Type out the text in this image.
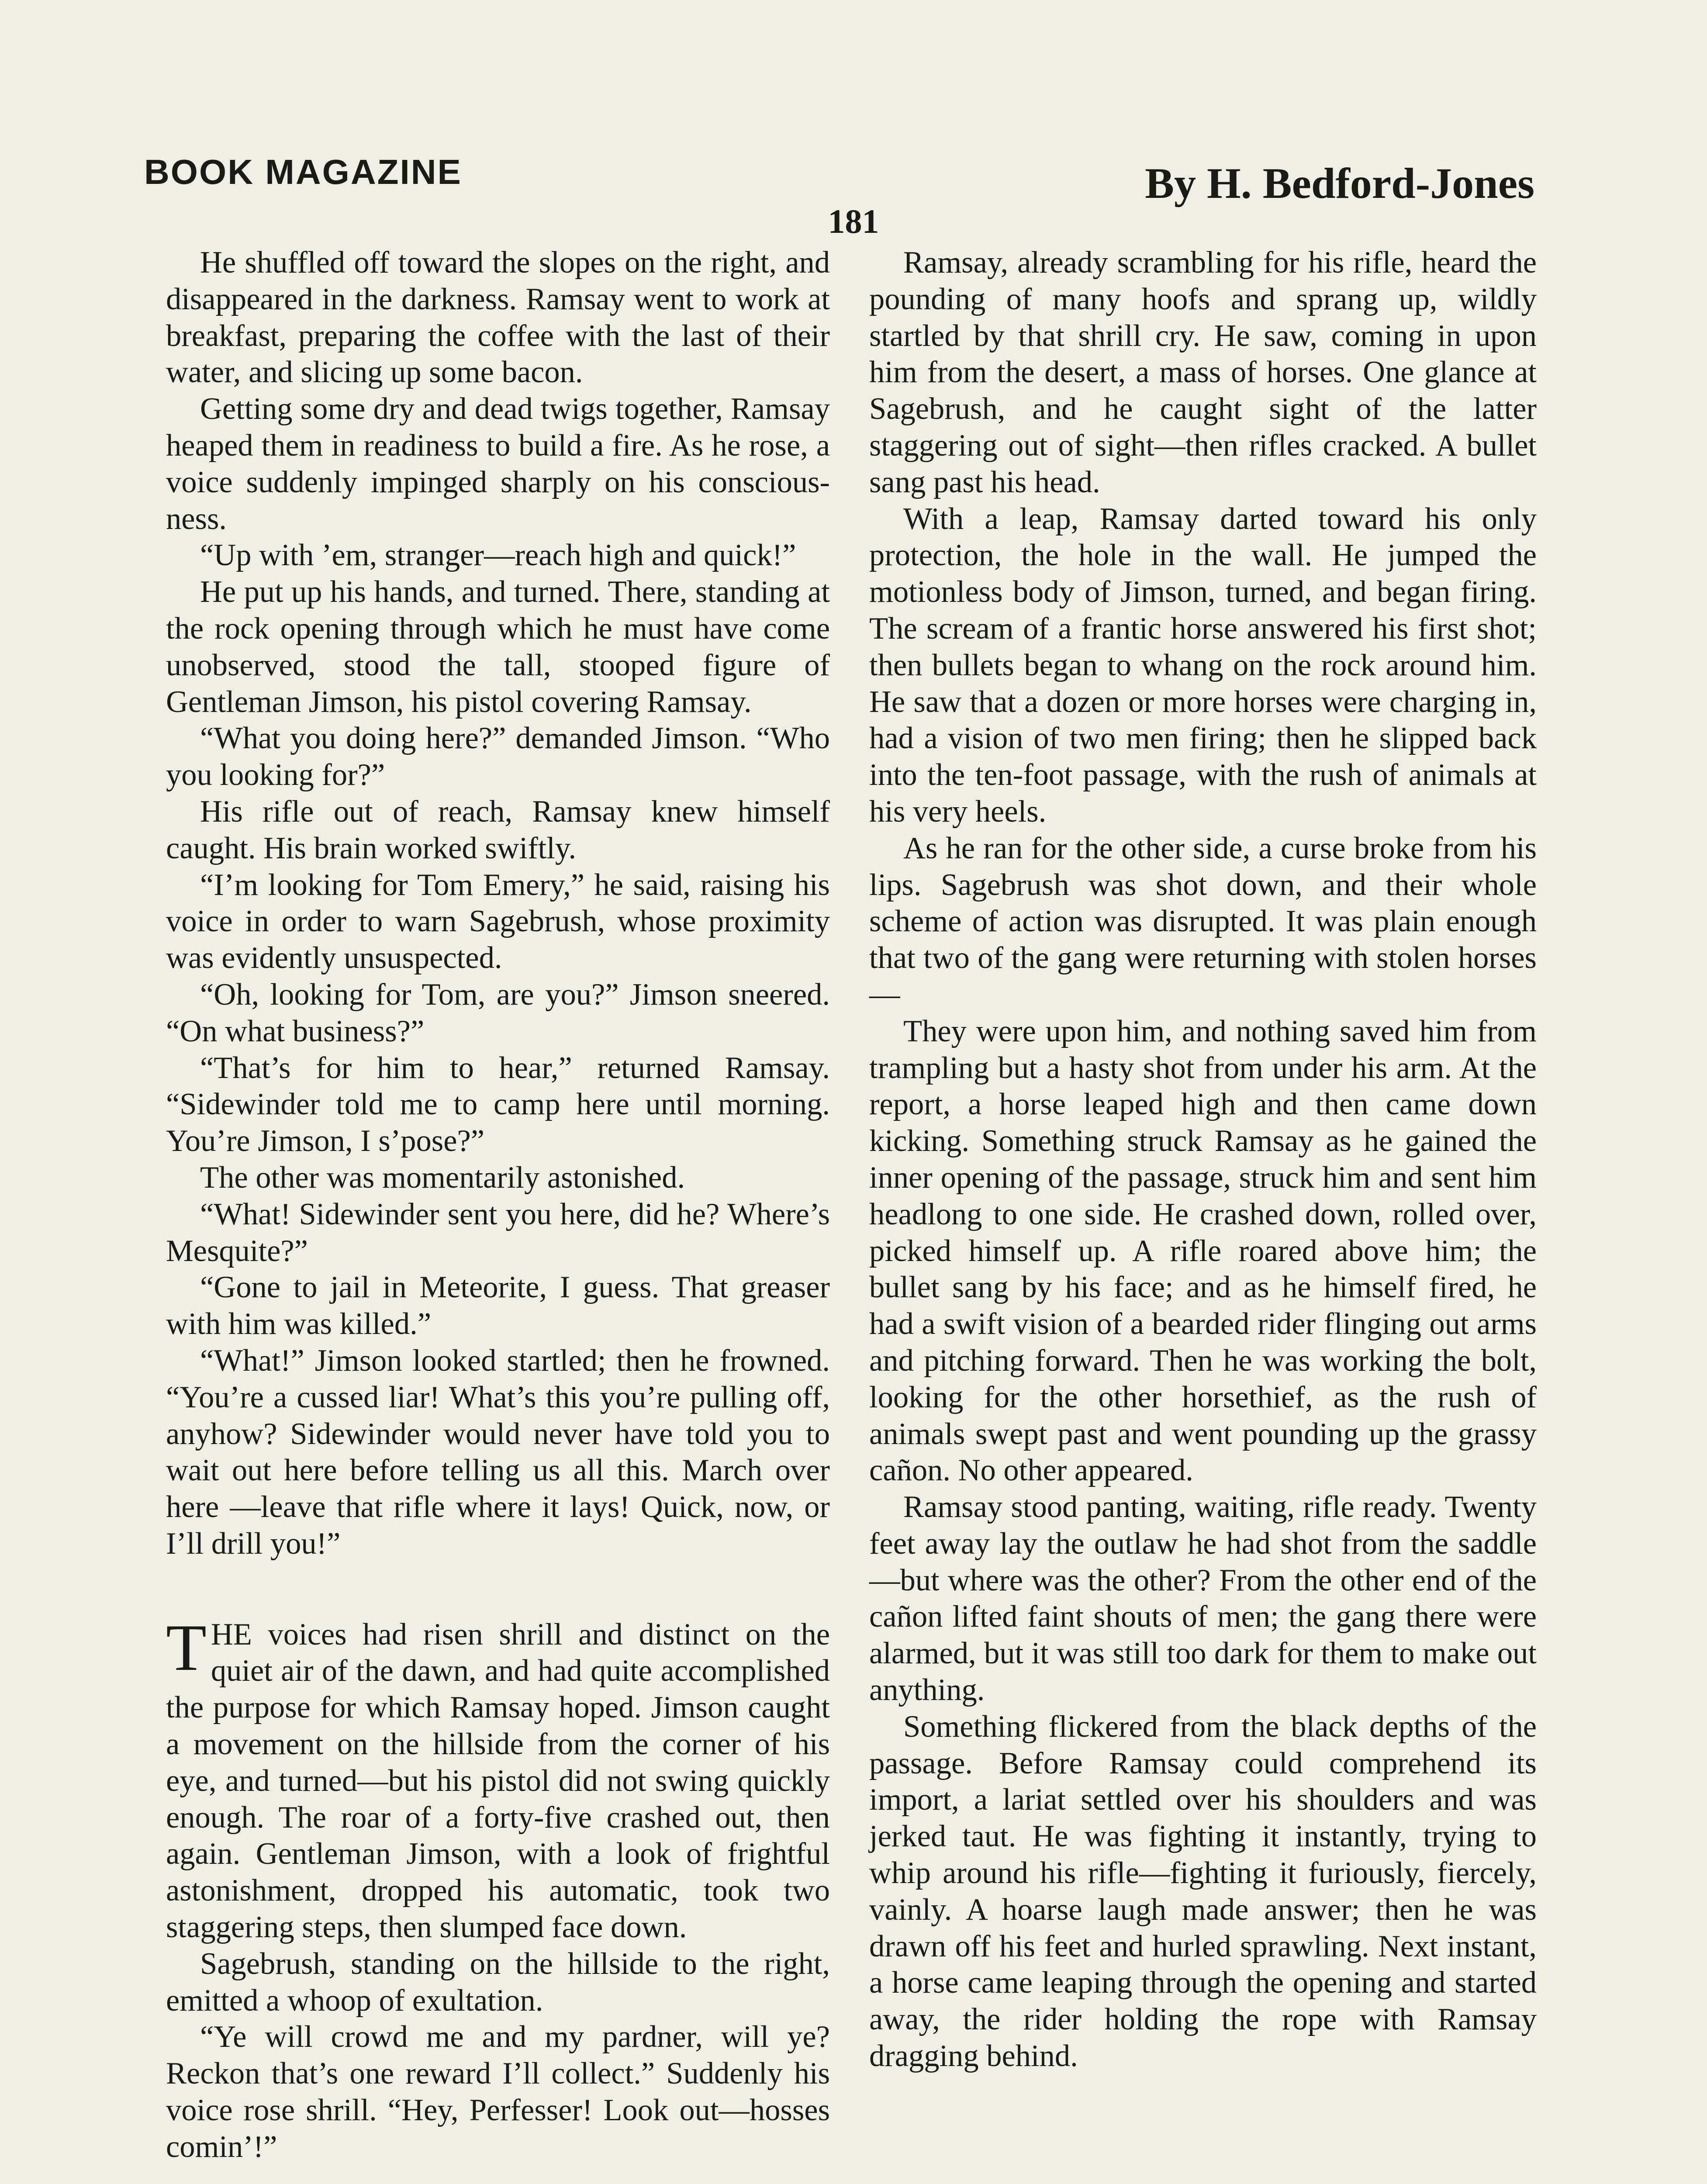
BOOK MAGAZINE	By H. Bedford-Jones
181

He shuffled off toward the slopes on the right, and disappeared in the darkness. Ramsay went to work at breakfast, preparing the coffee with the last of their water, and slicing up some bacon.

Getting some dry and dead twigs together, Ramsay heaped them in readiness to build a fire. As he rose, a voice suddenly impinged sharply on his consciousness.

“Up with ’em, stranger—reach high and quick!”

He put up his hands, and turned. There, standing at the rock opening through which he must have come unobserved, stood the tall, stooped figure of Gentleman Jimson, his pistol covering Ramsay.

“What you doing here?” demanded Jimson. “Who you looking for?”

His rifle out of reach, Ramsay knew himself caught. His brain worked swiftly.

“I’m looking for Tom Emery,” he said, raising his voice in order to warn Sagebrush, whose proximity was evidently unsuspected.

“Oh, looking for Tom, are you?” Jimson sneered. “On what business?”

“That’s for him to hear,” returned Ramsay. “Sidewinder told me to camp here until morning. You’re Jimson, I s’pose?”

The other was momentarily astonished.

“What! Sidewinder sent you here, did he? Where’s Mesquite?”

“Gone to jail in Meteorite, I guess. That greaser with him was killed.”

“What!” Jimson looked startled; then he frowned. “You’re a cussed liar! What’s this you’re pulling off, anyhow? Sidewinder would never have told you to wait out here before telling us all this. March over here —leave that rifle where it lays! Quick, now, or I’ll drill you!”

THE voices had risen shrill and distinct on the quiet air of the dawn, and had quite accomplished the purpose for which Ramsay hoped. Jimson caught a movement on the hillside from the corner of his eye, and turned—but his pistol did not swing quickly enough. The roar of a forty-five crashed out, then again. Gentleman Jimson, with a look of frightful astonishment, dropped his automatic, took two staggering steps, then slumped face down.

Sagebrush, standing on the hillside to the right, emitted a whoop of exultation.

“Ye will crowd me and my pardner, will ye? Reckon that’s one reward I’ll collect.” Suddenly his voice rose shrill. “Hey, Perfesser! Look out—hosses comin’!”

Ramsay, already scrambling for his rifle, heard the pounding of many hoofs and sprang up, wildly startled by that shrill cry. He saw, coming in upon him from the desert, a mass of horses. One glance at Sagebrush, and he caught sight of the latter staggering out of sight—then rifles cracked. A bullet sang past his head.

With a leap, Ramsay darted toward his only protection, the hole in the wall. He jumped the motionless body of Jimson, turned, and began firing. The scream of a frantic horse answered his first shot; then bullets began to whang on the rock around him. He saw that a dozen or more horses were charging in, had a vision of two men firing; then he slipped back into the ten-foot passage, with the rush of animals at his very heels.

As he ran for the other side, a curse broke from his lips. Sagebrush was shot down, and their whole scheme of action was disrupted. It was plain enough that two of the gang were returning with stolen horses—

They were upon him, and nothing saved him from trampling but a hasty shot from under his arm. At the report, a horse leaped high and then came down kicking. Something struck Ramsay as he gained the inner opening of the passage, struck him and sent him headlong to one side. He crashed down, rolled over, picked himself up. A rifle roared above him; the bullet sang by his face; and as he himself fired, he had a swift vision of a bearded rider flinging out arms and pitching forward. Then he was working the bolt, looking for the other horsethief, as the rush of animals swept past and went pounding up the grassy cañon. No other appeared.

Ramsay stood panting, waiting, rifle ready. Twenty feet away lay the outlaw he had shot from the saddle—but where was the other? From the other end of the cañon lifted faint shouts of men; the gang there were alarmed, but it was still too dark for them to make out anything.

Something flickered from the black depths of the passage. Before Ramsay could comprehend its import, a lariat settled over his shoulders and was jerked taut. He was fighting it instantly, trying to whip around his rifle—fighting it furiously, fiercely, vainly. A hoarse laugh made answer; then he was drawn off his feet and hurled sprawling. Next instant, a horse came leaping through the opening and started away, the rider holding the rope with Ramsay dragging behind.
